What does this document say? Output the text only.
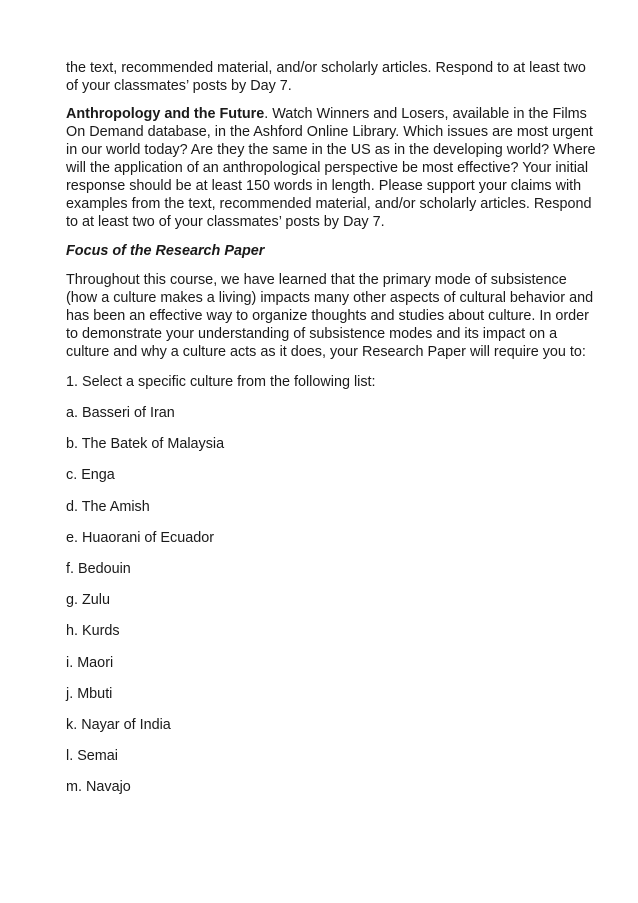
the text, recommended material, and/or scholarly articles. Respond to at least two of your classmates’ posts by Day 7.

Anthropology and the Future. Watch Winners and Losers, available in the Films On Demand database, in the Ashford Online Library. Which issues are most urgent in our world today? Are they the same in the US as in the developing world? Where will the application of an anthropological perspective be most effective? Your initial response should be at least 150 words in length. Please support your claims with examples from the text, recommended material, and/or scholarly articles. Respond to at least two of your classmates’ posts by Day 7.

Focus of the Research Paper

Throughout this course, we have learned that the primary mode of subsistence (how a culture makes a living) impacts many other aspects of cultural behavior and has been an effective way to organize thoughts and studies about culture. In order to demonstrate your understanding of subsistence modes and its impact on a culture and why a culture acts as it does, your Research Paper will require you to:

1. Select a specific culture from the following list:

a. Basseri of Iran
b. The Batek of Malaysia
c. Enga
d. The Amish
e. Huaorani of Ecuador
f. Bedouin
g. Zulu
h. Kurds
i. Maori
j. Mbuti
k. Nayar of India
l. Semai
m. Navajo
